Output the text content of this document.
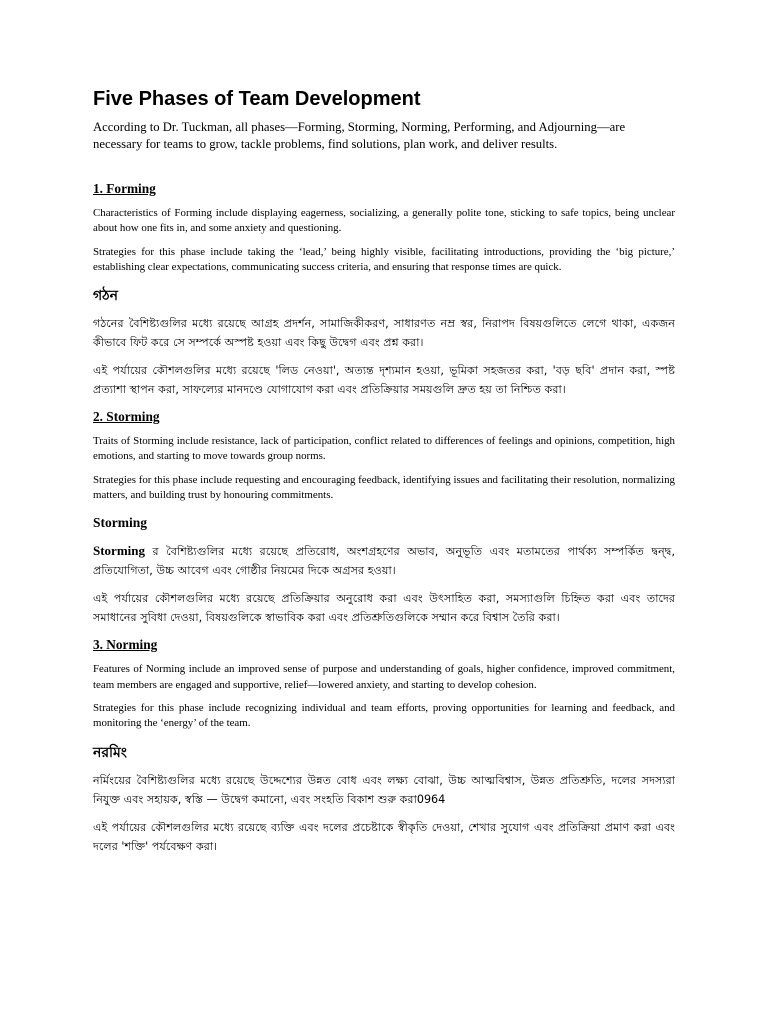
Five Phases of Team Development

According to Dr. Tuckman, all phases—Forming, Storming, Norming, Performing, and Adjourning—are necessary for teams to grow, tackle problems, find solutions, plan work, and deliver results.

1. Forming

Characteristics of Forming include displaying eagerness, socializing, a generally polite tone, sticking to safe topics, being unclear about how one fits in, and some anxiety and questioning.

Strategies for this phase include taking the ‘lead,’ being highly visible, facilitating introductions, providing the ‘big picture,’ establishing clear expectations, communicating success criteria, and ensuring that response times are quick.

গঠন

গঠনের বৈশিষ্ট্যগুলির মধ্যে রয়েছে আগ্রহ প্রদর্শন, সামাজিকীকরণ, সাধারণত নম্র স্বর, নিরাপদ বিষয়গুলিতে লেগে থাকা, একজন কীভাবে ফিট করে সে সম্পর্কে অস্পষ্ট হওয়া এবং কিছু উদ্বেগ এবং প্রশ্ন করা।

এই পর্যায়ের কৌশলগুলির মধ্যে রয়েছে 'লিড নেওয়া', অত্যন্ত দৃশ্যমান হওয়া, ভূমিকা সহজতর করা, 'বড় ছবি' প্রদান করা, স্পষ্ট প্রত্যাশা স্থাপন করা, সাফল্যের মানদণ্ডে যোগাযোগ করা এবং প্রতিক্রিয়ার সময়গুলি দ্রুত হয় তা নিশ্চিত করা।

2. Storming

Traits of Storming include resistance, lack of participation, conflict related to differences of feelings and opinions, competition, high emotions, and starting to move towards group norms.

Strategies for this phase include requesting and encouraging feedback, identifying issues and facilitating their resolution, normalizing matters, and building trust by honouring commitments.

Storming

Storming র বৈশিষ্ট্যগুলির মধ্যে রয়েছে প্রতিরোধ, অংশগ্রহণের অভাব, অনুভূতি এবং মতামতের পার্থক্য সম্পর্কিত দ্বন্দ্ব, প্রতিযোগিতা, উচ্চ আবেগ এবং গোষ্ঠীর নিয়মের দিকে অগ্রসর হওয়া।

এই পর্যায়ের কৌশলগুলির মধ্যে রয়েছে প্রতিক্রিয়ার অনুরোধ করা এবং উৎসাহিত করা, সমস্যাগুলি চিহ্নিত করা এবং তাদের সমাধানের সুবিধা দেওয়া, বিষয়গুলিকে স্বাভাবিক করা এবং প্রতিশ্রুতিগুলিকে সম্মান করে বিশ্বাস তৈরি করা।

3. Norming

Features of Norming include an improved sense of purpose and understanding of goals, higher confidence, improved commitment, team members are engaged and supportive, relief—lowered anxiety, and starting to develop cohesion.

Strategies for this phase include recognizing individual and team efforts, proving opportunities for learning and feedback, and monitoring the ‘energy’ of the team.

নরমিং

নর্মিংয়ের বৈশিষ্ট্যগুলির মধ্যে রয়েছে উদ্দেশ্যের উন্নত বোধ এবং লক্ষ্য বোঝা, উচ্চ আত্মবিশ্বাস, উন্নত প্রতিশ্রুতি, দলের সদস্যরা নিযুক্ত এবং সহায়ক, স্বস্তি — উদ্বেগ কমানো, এবং সংহতি বিকাশ শুরু করা0964

এই পর্যায়ের কৌশলগুলির মধ্যে রয়েছে ব্যক্তি এবং দলের প্রচেষ্টাকে স্বীকৃতি দেওয়া, শেখার সুযোগ এবং প্রতিক্রিয়া প্রমাণ করা এবং দলের 'শক্তি' পর্যবেক্ষণ করা।
